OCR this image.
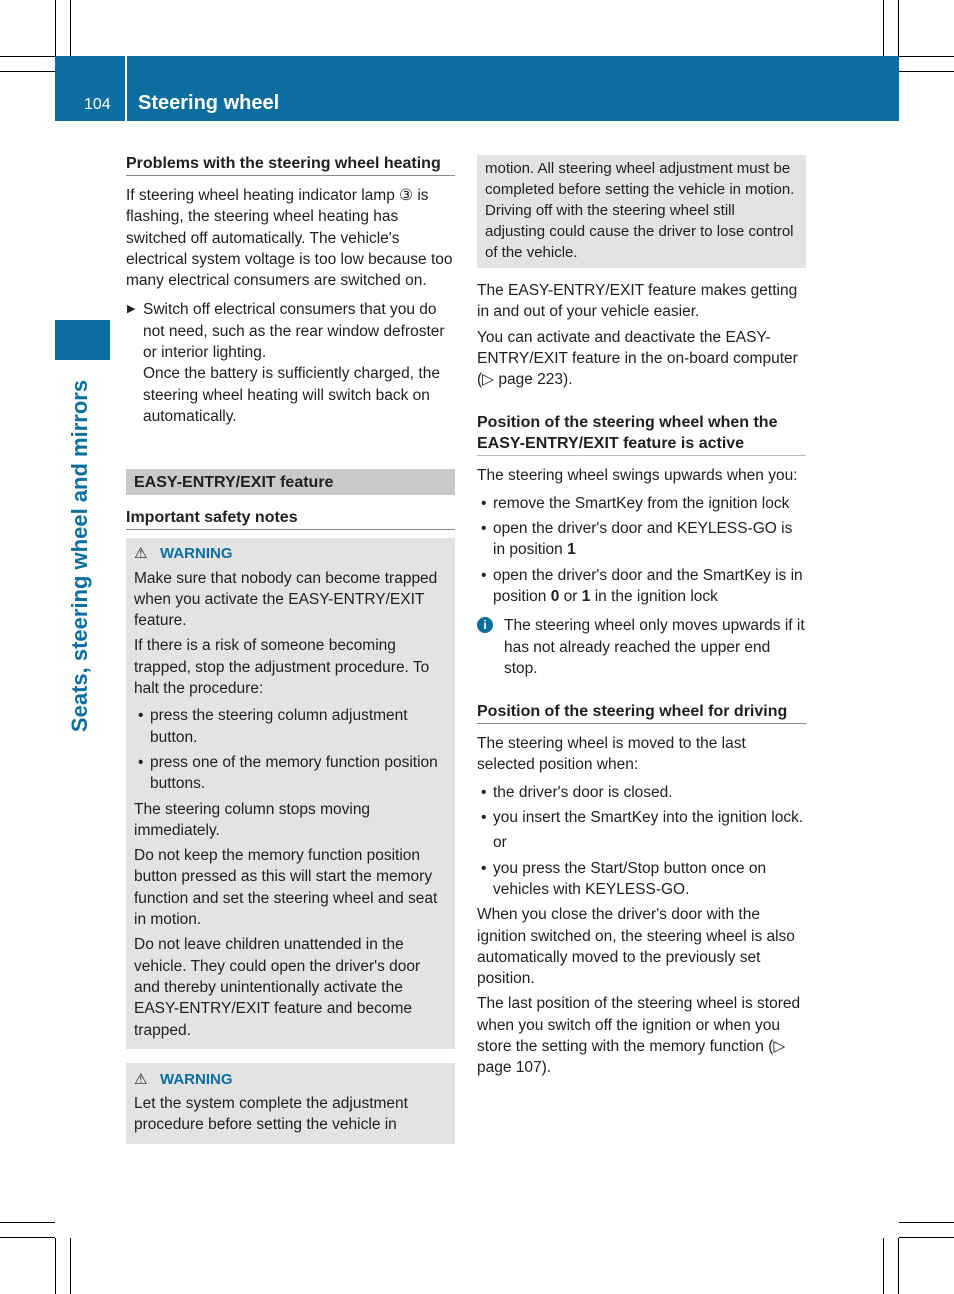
104 Steering wheel
Seats, steering wheel and mirrors
Problems with the steering wheel heating

If steering wheel heating indicator lamp ③ is flashing, the steering wheel heating has switched off automatically. The vehicle's electrical system voltage is too low because too many electrical consumers are switched on.

▶ Switch off electrical consumers that you do not need, such as the rear window defroster or interior lighting.
Once the battery is sufficiently charged, the steering wheel heating will switch back on automatically.
EASY-ENTRY/EXIT feature
Important safety notes
⚠ WARNING

Make sure that nobody can become trapped when you activate the EASY-ENTRY/EXIT feature.

If there is a risk of someone becoming trapped, stop the adjustment procedure. To halt the procedure:

• press the steering column adjustment button.
• press one of the memory function position buttons.

The steering column stops moving immediately.

Do not keep the memory function position button pressed as this will start the memory function and set the steering wheel and seat in motion.

Do not leave children unattended in the vehicle. They could open the driver's door and thereby unintentionally activate the EASY-ENTRY/EXIT feature and become trapped.

⚠ WARNING

Let the system complete the adjustment procedure before setting the vehicle in

motion. All steering wheel adjustment must be completed before setting the vehicle in motion. Driving off with the steering wheel still adjusting could cause the driver to lose control of the vehicle.

The EASY-ENTRY/EXIT feature makes getting in and out of your vehicle easier.

You can activate and deactivate the EASY-ENTRY/EXIT feature in the on-board computer (▷ page 223).

Position of the steering wheel when the EASY-ENTRY/EXIT feature is active

The steering wheel swings upwards when you:

• remove the SmartKey from the ignition lock
• open the driver's door and KEYLESS-GO is in position 1
• open the driver's door and the SmartKey is in position 0 or 1 in the ignition lock
i	The steering wheel only moves upwards if it has not already reached the upper end stop.
Position of the steering wheel for driving

The steering wheel is moved to the last selected position when:

• the driver's door is closed.
• you insert the SmartKey into the ignition lock.

or

• you press the Start/Stop button once on vehicles with KEYLESS-GO.

When you close the driver's door with the ignition switched on, the steering wheel is also automatically moved to the previously set position.

The last position of the steering wheel is stored when you switch off the ignition or when you store the setting with the memory function (▷ page 107).
